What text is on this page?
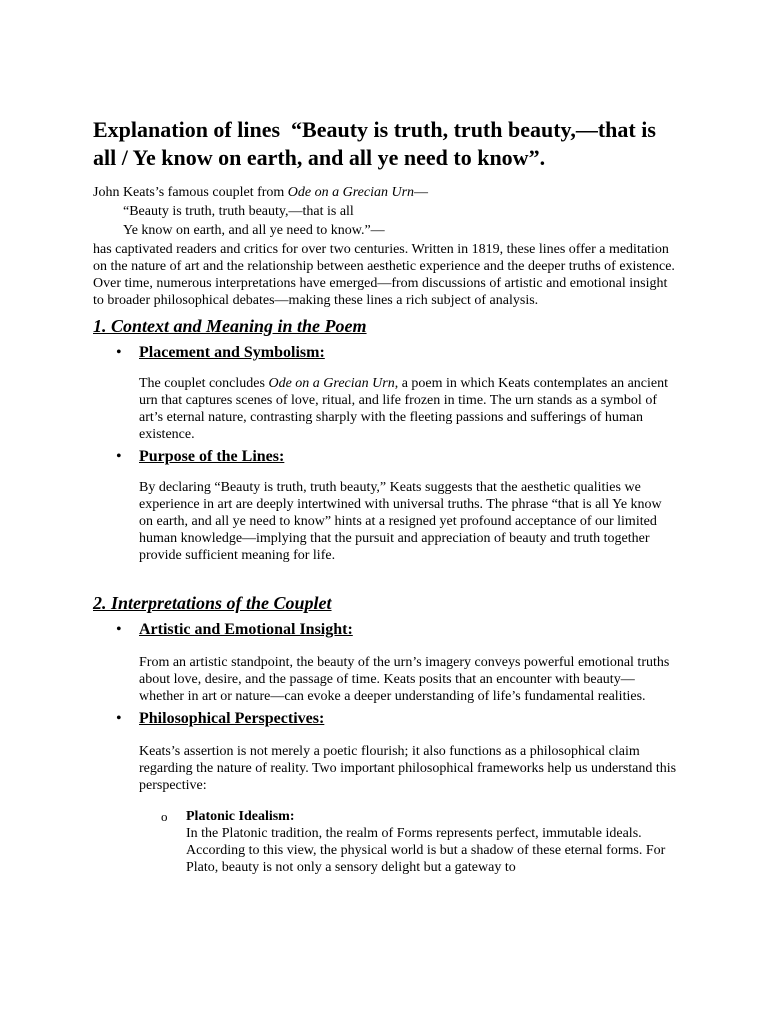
Explanation of lines  “Beauty is truth, truth beauty,—that is all / Ye know on earth, and all ye need to know”.

John Keats’s famous couplet from Ode on a Grecian Urn—

“Beauty is truth, truth beauty,—that is all
Ye know on earth, and all ye need to know.”—

has captivated readers and critics for over two centuries. Written in 1819, these lines offer a meditation on the nature of art and the relationship between aesthetic experience and the deeper truths of existence. Over time, numerous interpretations have emerged—from discussions of artistic and emotional insight to broader philosophical debates—making these lines a rich subject of analysis.

1. Context and Meaning in the Poem
• Placement and Symbolism:

The couplet concludes Ode on a Grecian Urn, a poem in which Keats contemplates an ancient urn that captures scenes of love, ritual, and life frozen in time. The urn stands as a symbol of art’s eternal nature, contrasting sharply with the fleeting passions and sufferings of human existence.

• Purpose of the Lines:

By declaring “Beauty is truth, truth beauty,” Keats suggests that the aesthetic qualities we experience in art are deeply intertwined with universal truths. The phrase “that is all Ye know on earth, and all ye need to know” hints at a resigned yet profound acceptance of our limited human knowledge—implying that the pursuit and appreciation of beauty and truth together provide sufficient meaning for life.

2. Interpretations of the Couplet
• Artistic and Emotional Insight:

From an artistic standpoint, the beauty of the urn’s imagery conveys powerful emotional truths about love, desire, and the passage of time. Keats posits that an encounter with beauty—whether in art or nature—can evoke a deeper understanding of life’s fundamental realities.

• Philosophical Perspectives:

Keats’s assertion is not merely a poetic flourish; it also functions as a philosophical claim regarding the nature of reality. Two important philosophical frameworks help us understand this perspective:

o Platonic Idealism:
In the Platonic tradition, the realm of Forms represents perfect, immutable ideals. According to this view, the physical world is but a shadow of these eternal forms. For Plato, beauty is not only a sensory delight but a gateway to
